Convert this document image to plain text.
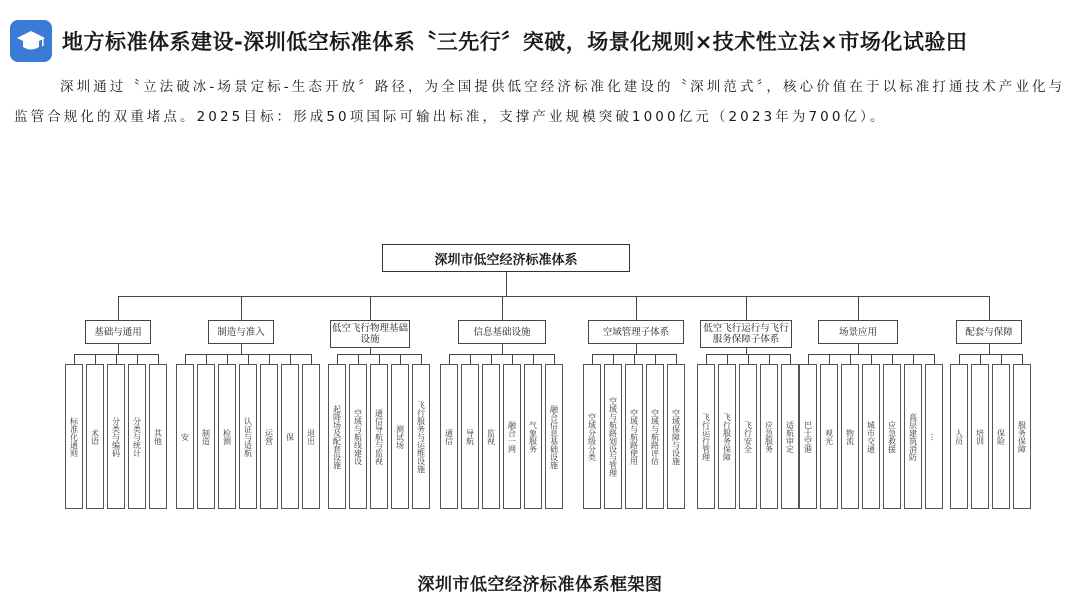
地方标准体系建设-深圳低空标准体系〝三先行〞突破，场景化规则×技术性立法×市场化试验田
深圳通过〝立法破冰-场景定标-生态开放〞路径，为全国提供低空经济标准化建设的〝深圳范式〞，核心价值在于以标准打通技术产业化与监管合规化的双重堵点。2025目标：形成50项国际可输出标准，支撑产业规模突破1000亿元（2023年为700亿）。
深圳市低空经济标准体系
基础与通用
标准化通则	术语	分类与编码	分类与统计	其他
制造与准入
安	制造	检测	认证与适航	运营	保	退出
低空飞行物理基础设施
起降场及配套设施	空域与航线建设	通信导航与监视	测试场	飞行服务与运维设施
信息基础设施
通信	导航	监视	融合一网	气象服务	融合信息基础设施
空域管理子体系
空域分级分类	空域与航路划设与管理	空域与航路使用	空域与航路评估	空域保障与设施
低空飞行运行与飞行服务保障子体系
飞行运行管理	飞行服务保障	飞行安全	应急服务	适航审定
场景应用
巴士空港	观光	物流	城市交通	应急救援	高层建筑消防	…
配套与保障
人员	培训	保险	服务保障
深圳市低空经济标准体系框架图
